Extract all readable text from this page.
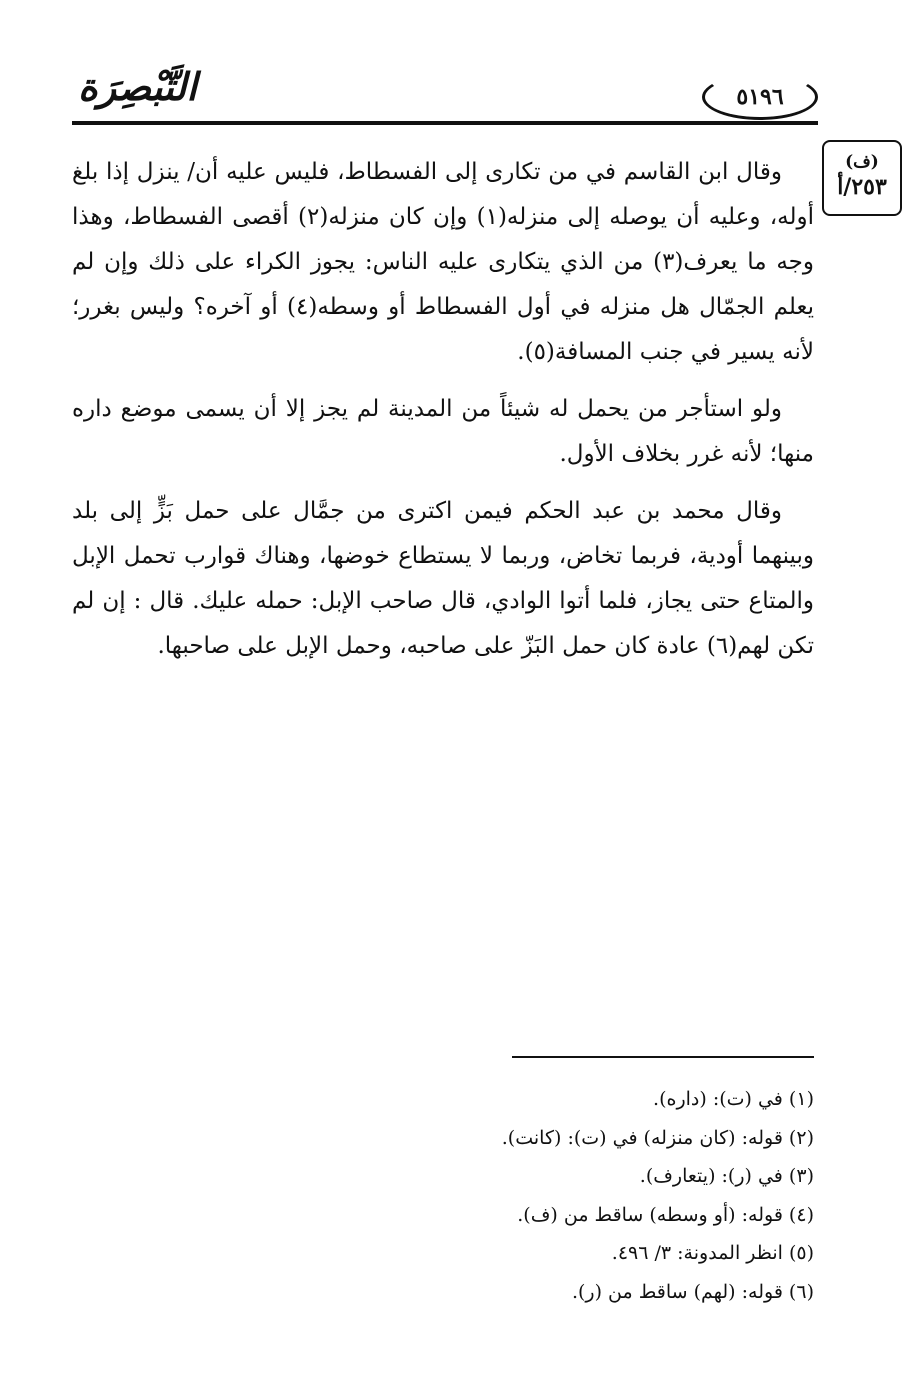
التَّبْصِرَة	٥١٩٦
(ف)
٢٥٣/أ

وقال ابن القاسم في من تكارى إلى الفسطاط، فليس عليه أن/ ينزل إذا بلغ أوله، وعليه أن يوصله إلى منزله(١) وإن كان منزله(٢) أقصى الفسطاط، وهذا وجه ما يعرف(٣) من الذي يتكارى عليه الناس: يجوز الكراء على ذلك وإن لم يعلم الجمّال هل منزله في أول الفسطاط أو وسطه(٤) أو آخره؟ وليس بغرر؛ لأنه يسير في جنب المسافة(٥).

ولو استأجر من يحمل له شيئاً من المدينة لم يجز إلا أن يسمى موضع داره منها؛ لأنه غرر بخلاف الأول.

وقال محمد بن عبد الحكم فيمن اكترى من جمَّال على حمل بَزٍّ إلى بلد وبينهما أودية، فربما تخاض، وربما لا يستطاع خوضها، وهناك قوارب تحمل الإبل والمتاع حتى يجاز، فلما أتوا الوادي، قال صاحب الإبل: حمله عليك. قال : إن لم تكن لهم(٦) عادة كان حمل البَزّ على صاحبه، وحمل الإبل على صاحبها.

(١) في (ت): (داره).
(٢) قوله: (كان منزله) في (ت): (كانت).
(٣) في (ر): (يتعارف).
(٤) قوله: (أو وسطه) ساقط من (ف).
(٥) انظر المدونة: ٣/ ٤٩٦.
(٦) قوله: (لهم) ساقط من (ر).
